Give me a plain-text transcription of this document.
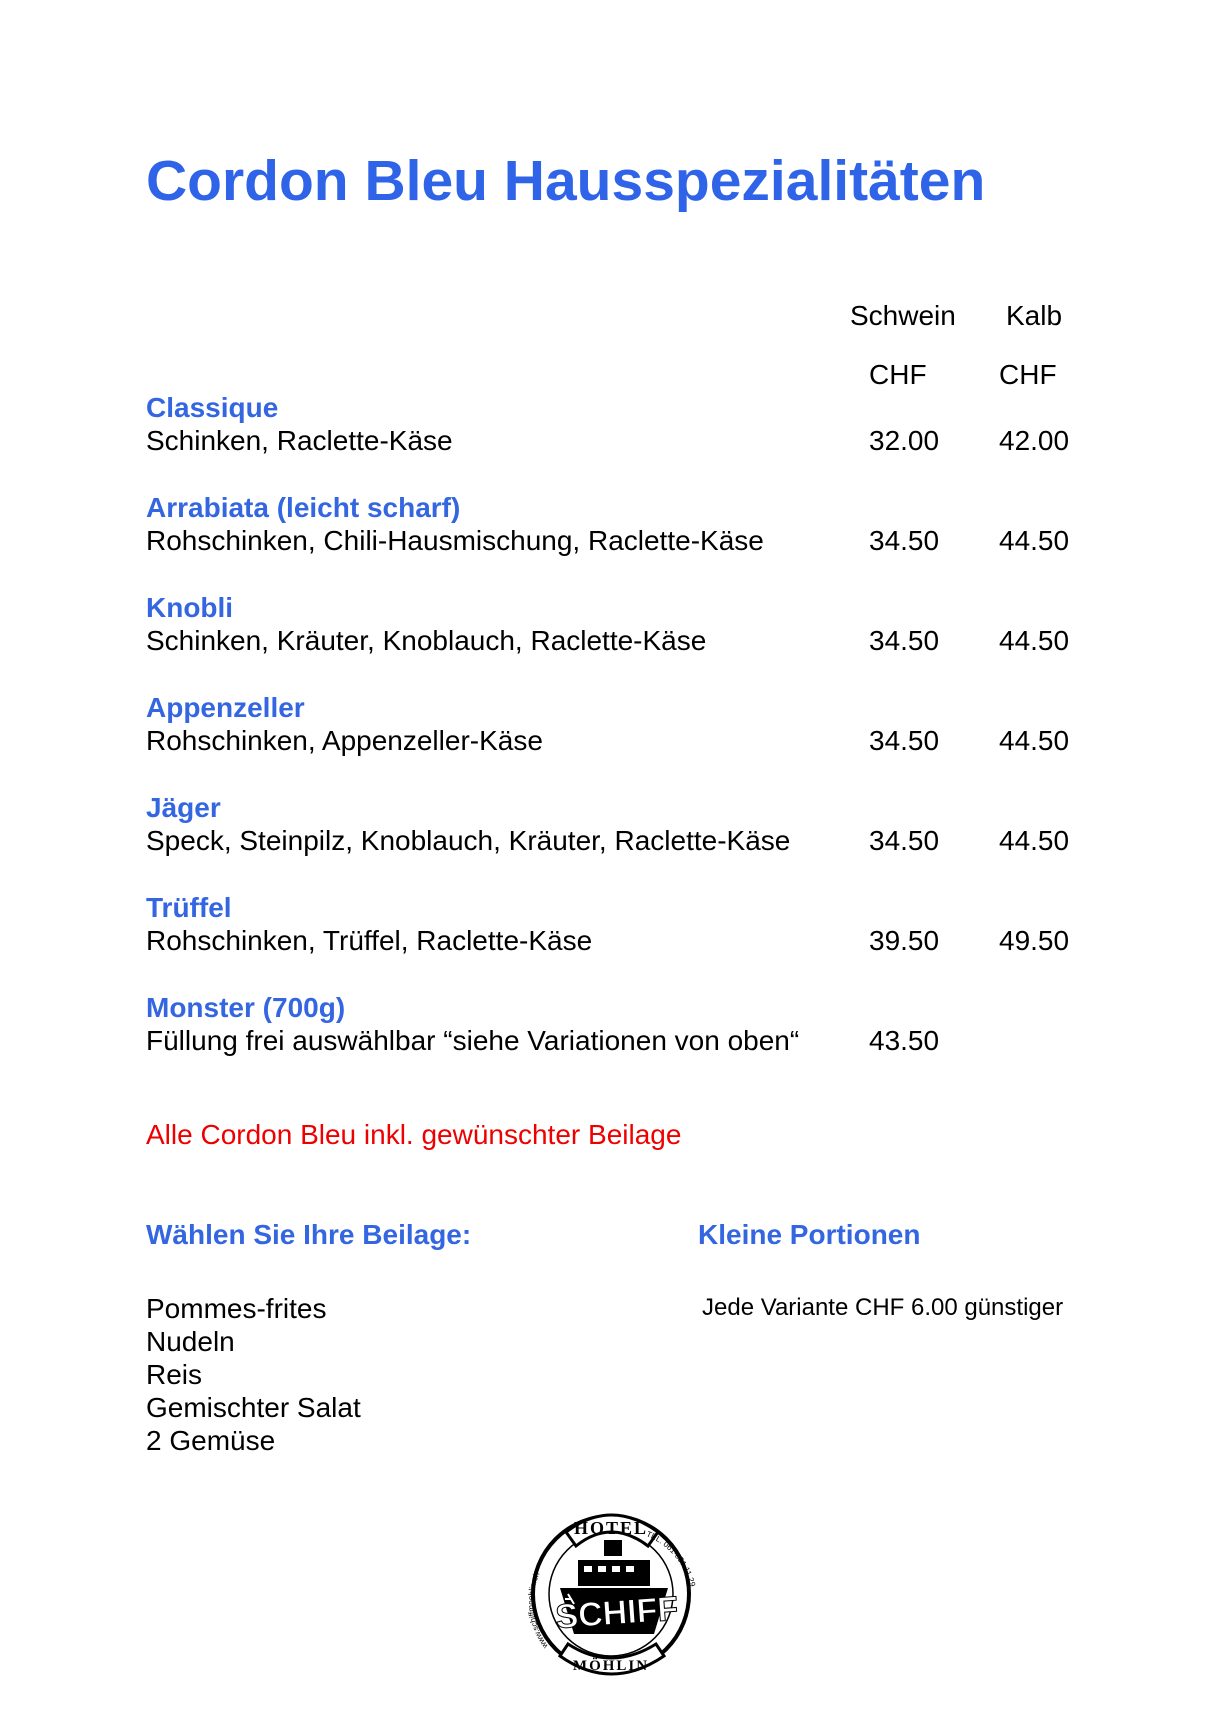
Cordon Bleu Hausspezialitäten
Schwein Kalb
CHF	CHF
Classique
Schinken, Raclette-Käse	32.00 42.00
Arrabiata (leicht scharf)
Rohschinken, Chili-Hausmischung, Raclette-Käse	34.50 44.50
Knobli
Schinken, Kräuter, Knoblauch, Raclette-Käse	34.50 44.50
Appenzeller
Rohschinken, Appenzeller-Käse	34.50 44.50
Jäger
Speck, Steinpilz, Knoblauch, Kräuter, Raclette-Käse	34.50 44.50
Trüffel
Rohschinken, Trüffel, Raclette-Käse	39.50 49.50
Monster (700g)
Füllung frei auswählbar “siehe Variationen von oben“ 43.50
Alle Cordon Bleu inkl. gewünschter Beilage
Wählen Sie Ihre Beilage:	Kleine Portionen
Pommes-frites
Nudeln
Reis
Gemischter Salat
2 Gemüse
Jede Variante CHF 6.00 günstiger
HOTEL
SCHIFF
MÖHLIN
www.schiffmoehlin.ch
TEL. 061-851 11 29
